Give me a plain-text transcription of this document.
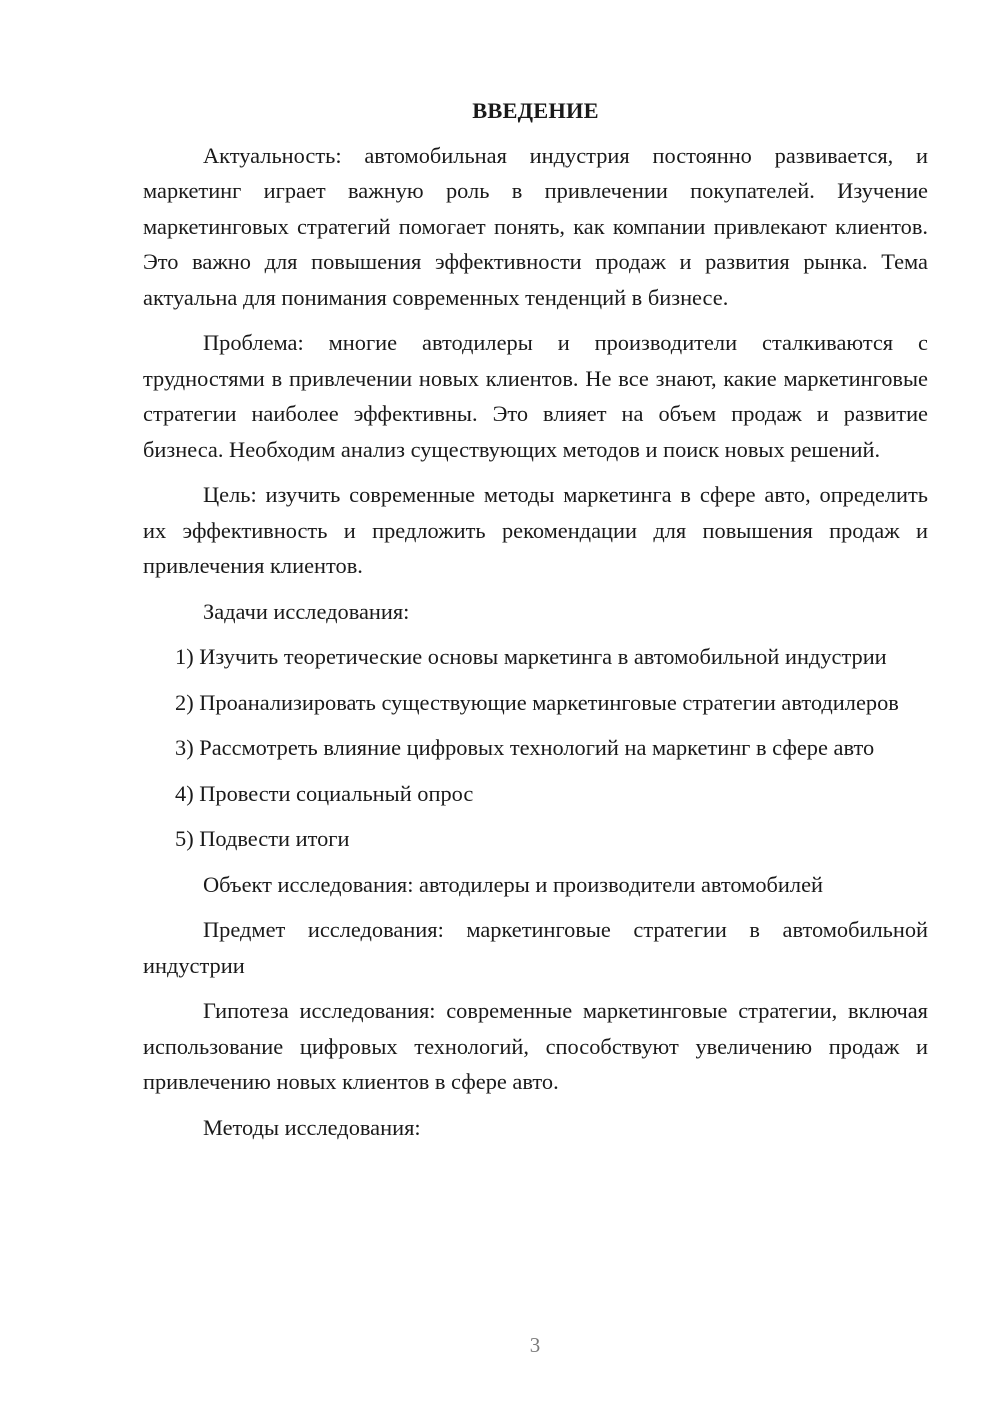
ВВЕДЕНИЕ

Актуальность: автомобильная индустрия постоянно развивается, и маркетинг играет важную роль в привлечении покупателей. Изучение маркетинговых стратегий помогает понять, как компании привлекают клиентов. Это важно для повышения эффективности продаж и развития рынка. Тема актуальна для понимания современных тенденций в бизнесе.

Проблема: многие автодилеры и производители сталкиваются с трудностями в привлечении новых клиентов. Не все знают, какие маркетинговые стратегии наиболее эффективны. Это влияет на объем продаж и развитие бизнеса. Необходим анализ существующих методов и поиск новых решений.

Цель: изучить современные методы маркетинга в сфере авто, определить их эффективность и предложить рекомендации для повышения продаж и привлечения клиентов.

Задачи исследования:

1) Изучить теоретические основы маркетинга в автомобильной индустрии

2) Проанализировать существующие маркетинговые стратегии автодилеров

3) Рассмотреть влияние цифровых технологий на маркетинг в сфере авто

4) Провести социальный опрос

5) Подвести итоги

Объект исследования: автодилеры и производители автомобилей

Предмет исследования: маркетинговые стратегии в автомобильной индустрии

Гипотеза исследования: современные маркетинговые стратегии, включая использование цифровых технологий, способствуют увеличению продаж и привлечению новых клиентов в сфере авто.

Методы исследования:

3
